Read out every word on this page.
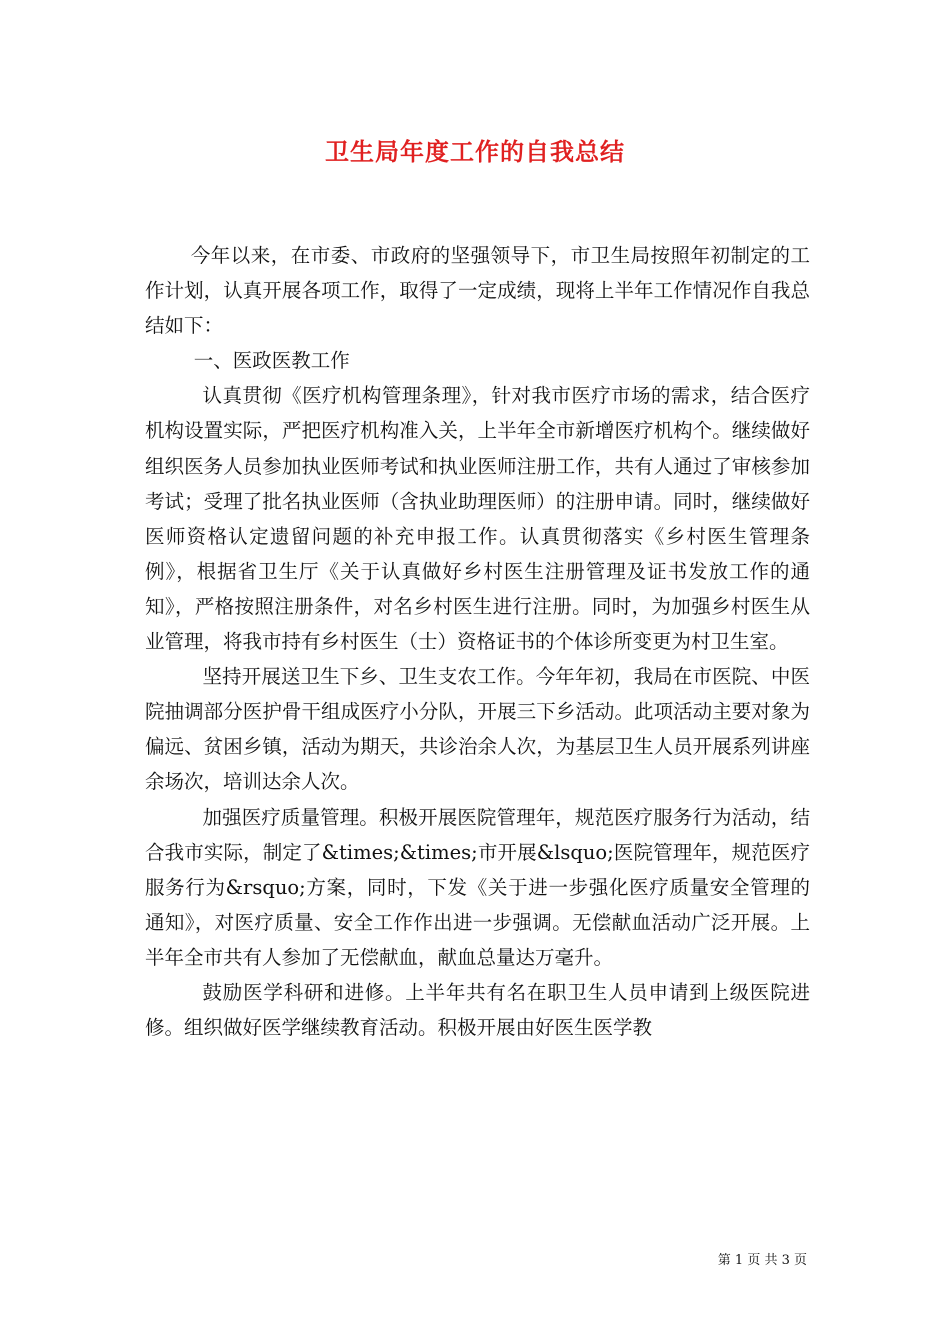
卫生局年度工作的自我总结

今年以来，在市委、市政府的坚强领导下，市卫生局按照年初制定的工作计划，认真开展各项工作，取得了一定成绩，现将上半年工作情况作自我总结如下：

一、医政医教工作

认真贯彻《医疗机构管理条理》，针对我市医疗市场的需求，结合医疗机构设置实际，严把医疗机构准入关，上半年全市新增医疗机构个。继续做好组织医务人员参加执业医师考试和执业医师注册工作，共有人通过了审核参加考试；受理了批名执业医师（含执业助理医师）的注册申请。同时，继续做好医师资格认定遗留问题的补充申报工作。认真贯彻落实《乡村医生管理条例》，根据省卫生厅《关于认真做好乡村医生注册管理及证书发放工作的通知》，严格按照注册条件，对名乡村医生进行注册。同时，为加强乡村医生从业管理，将我市持有乡村医生（士）资格证书的个体诊所变更为村卫生室。

坚持开展送卫生下乡、卫生支农工作。今年年初，我局在市医院、中医院抽调部分医护骨干组成医疗小分队，开展三下乡活动。此项活动主要对象为偏远、贫困乡镇，活动为期天，共诊治余人次，为基层卫生人员开展系列讲座余场次，培训达余人次。

加强医疗质量管理。积极开展医院管理年，规范医疗服务行为活动，结合我市实际，制定了&times;&times;市开展&lsquo;医院管理年，规范医疗服务行为&rsquo;方案，同时，下发《关于进一步强化医疗质量安全管理的通知》，对医疗质量、安全工作作出进一步强调。无偿献血活动广泛开展。上半年全市共有人参加了无偿献血，献血总量达万毫升。

鼓励医学科研和进修。上半年共有名在职卫生人员申请到上级医院进修。组织做好医学继续教育活动。积极开展由好医生医学教

第 1 页 共 3 页
